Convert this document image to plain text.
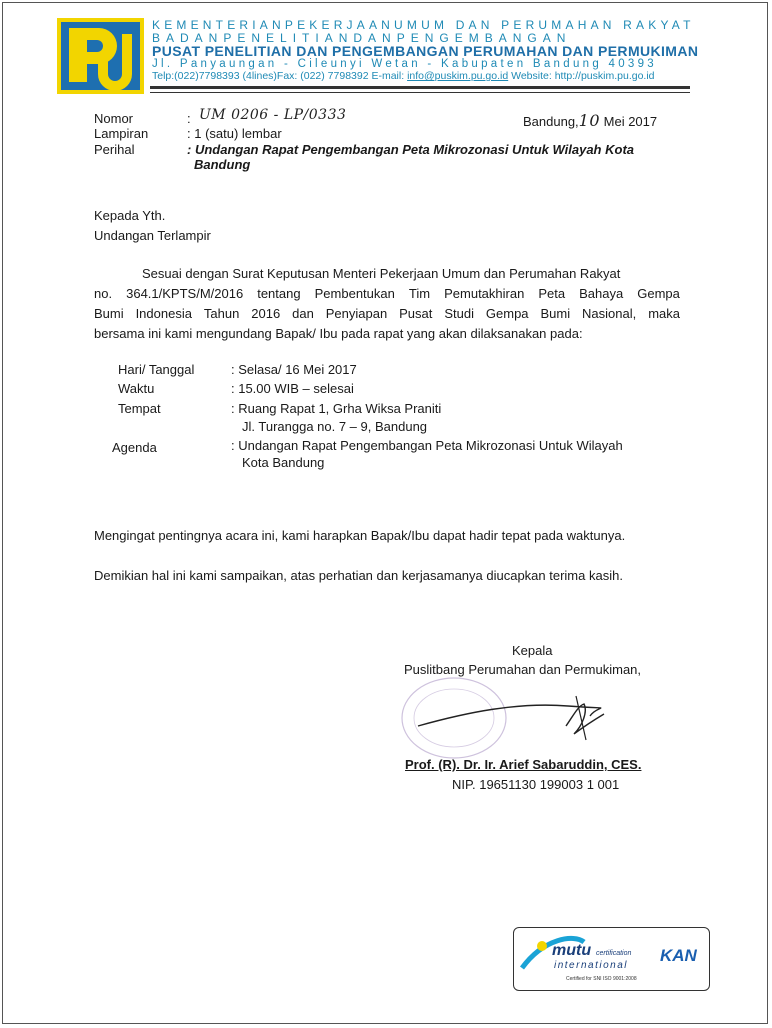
KEMENTERIANPEKERJAANUMUM DAN PERUMAHAN RAKYAT
BADANPENELITIANDANPENGEMBANGAN
PUSAT PENELITIAN DAN PENGEMBANGAN PERUMAHAN DAN PERMUKIMAN
Jl. Panyaungan - Cileunyi Wetan - Kabupaten Bandung 40393
Telp:(022)7798393 (4lines)Fax: (022) 7798392 E-mail: info@puskim.pu.go.id Website: http://puskim.pu.go.id
Nomor	: UM 0206 - LP/0333	Bandung,10 Mei 2017
Lampiran	: 1 (satu) lembar
Perihal	: Undangan Rapat Pengembangan Peta Mikrozonasi Untuk Wilayah Kota
Bandung
Kepada Yth.
Undangan Terlampir
Sesuai dengan Surat Keputusan Menteri Pekerjaan Umum dan Perumahan Rakyat
no. 364.1/KPTS/M/2016 tentang Pembentukan Tim Pemutakhiran Peta Bahaya Gempa
Bumi Indonesia Tahun 2016 dan Penyiapan Pusat Studi Gempa Bumi Nasional, maka
bersama ini kami mengundang Bapak/ Ibu pada rapat yang akan dilaksanakan pada:
Hari/ Tanggal	: Selasa/ 16 Mei 2017
Waktu	: 15.00 WIB – selesai
Tempat	: Ruang Rapat 1, Grha Wiksa Praniti
Jl. Turangga no. 7 – 9, Bandung
Agenda	: Undangan Rapat Pengembangan Peta Mikrozonasi Untuk Wilayah
Kota Bandung
Mengingat pentingnya acara ini, kami harapkan Bapak/Ibu dapat hadir tepat pada waktunya.
Demikian hal ini kami sampaikan, atas perhatian dan kerjasamanya diucapkan terima kasih.
Kepala
Puslitbang Perumahan dan Permukiman,
Prof. (R). Dr. Ir. Arief Sabaruddin, CES.
NIP. 19651130 199003 1 001
mutu certification
international
KAN
Certified for SNI ISO 9001:2008
